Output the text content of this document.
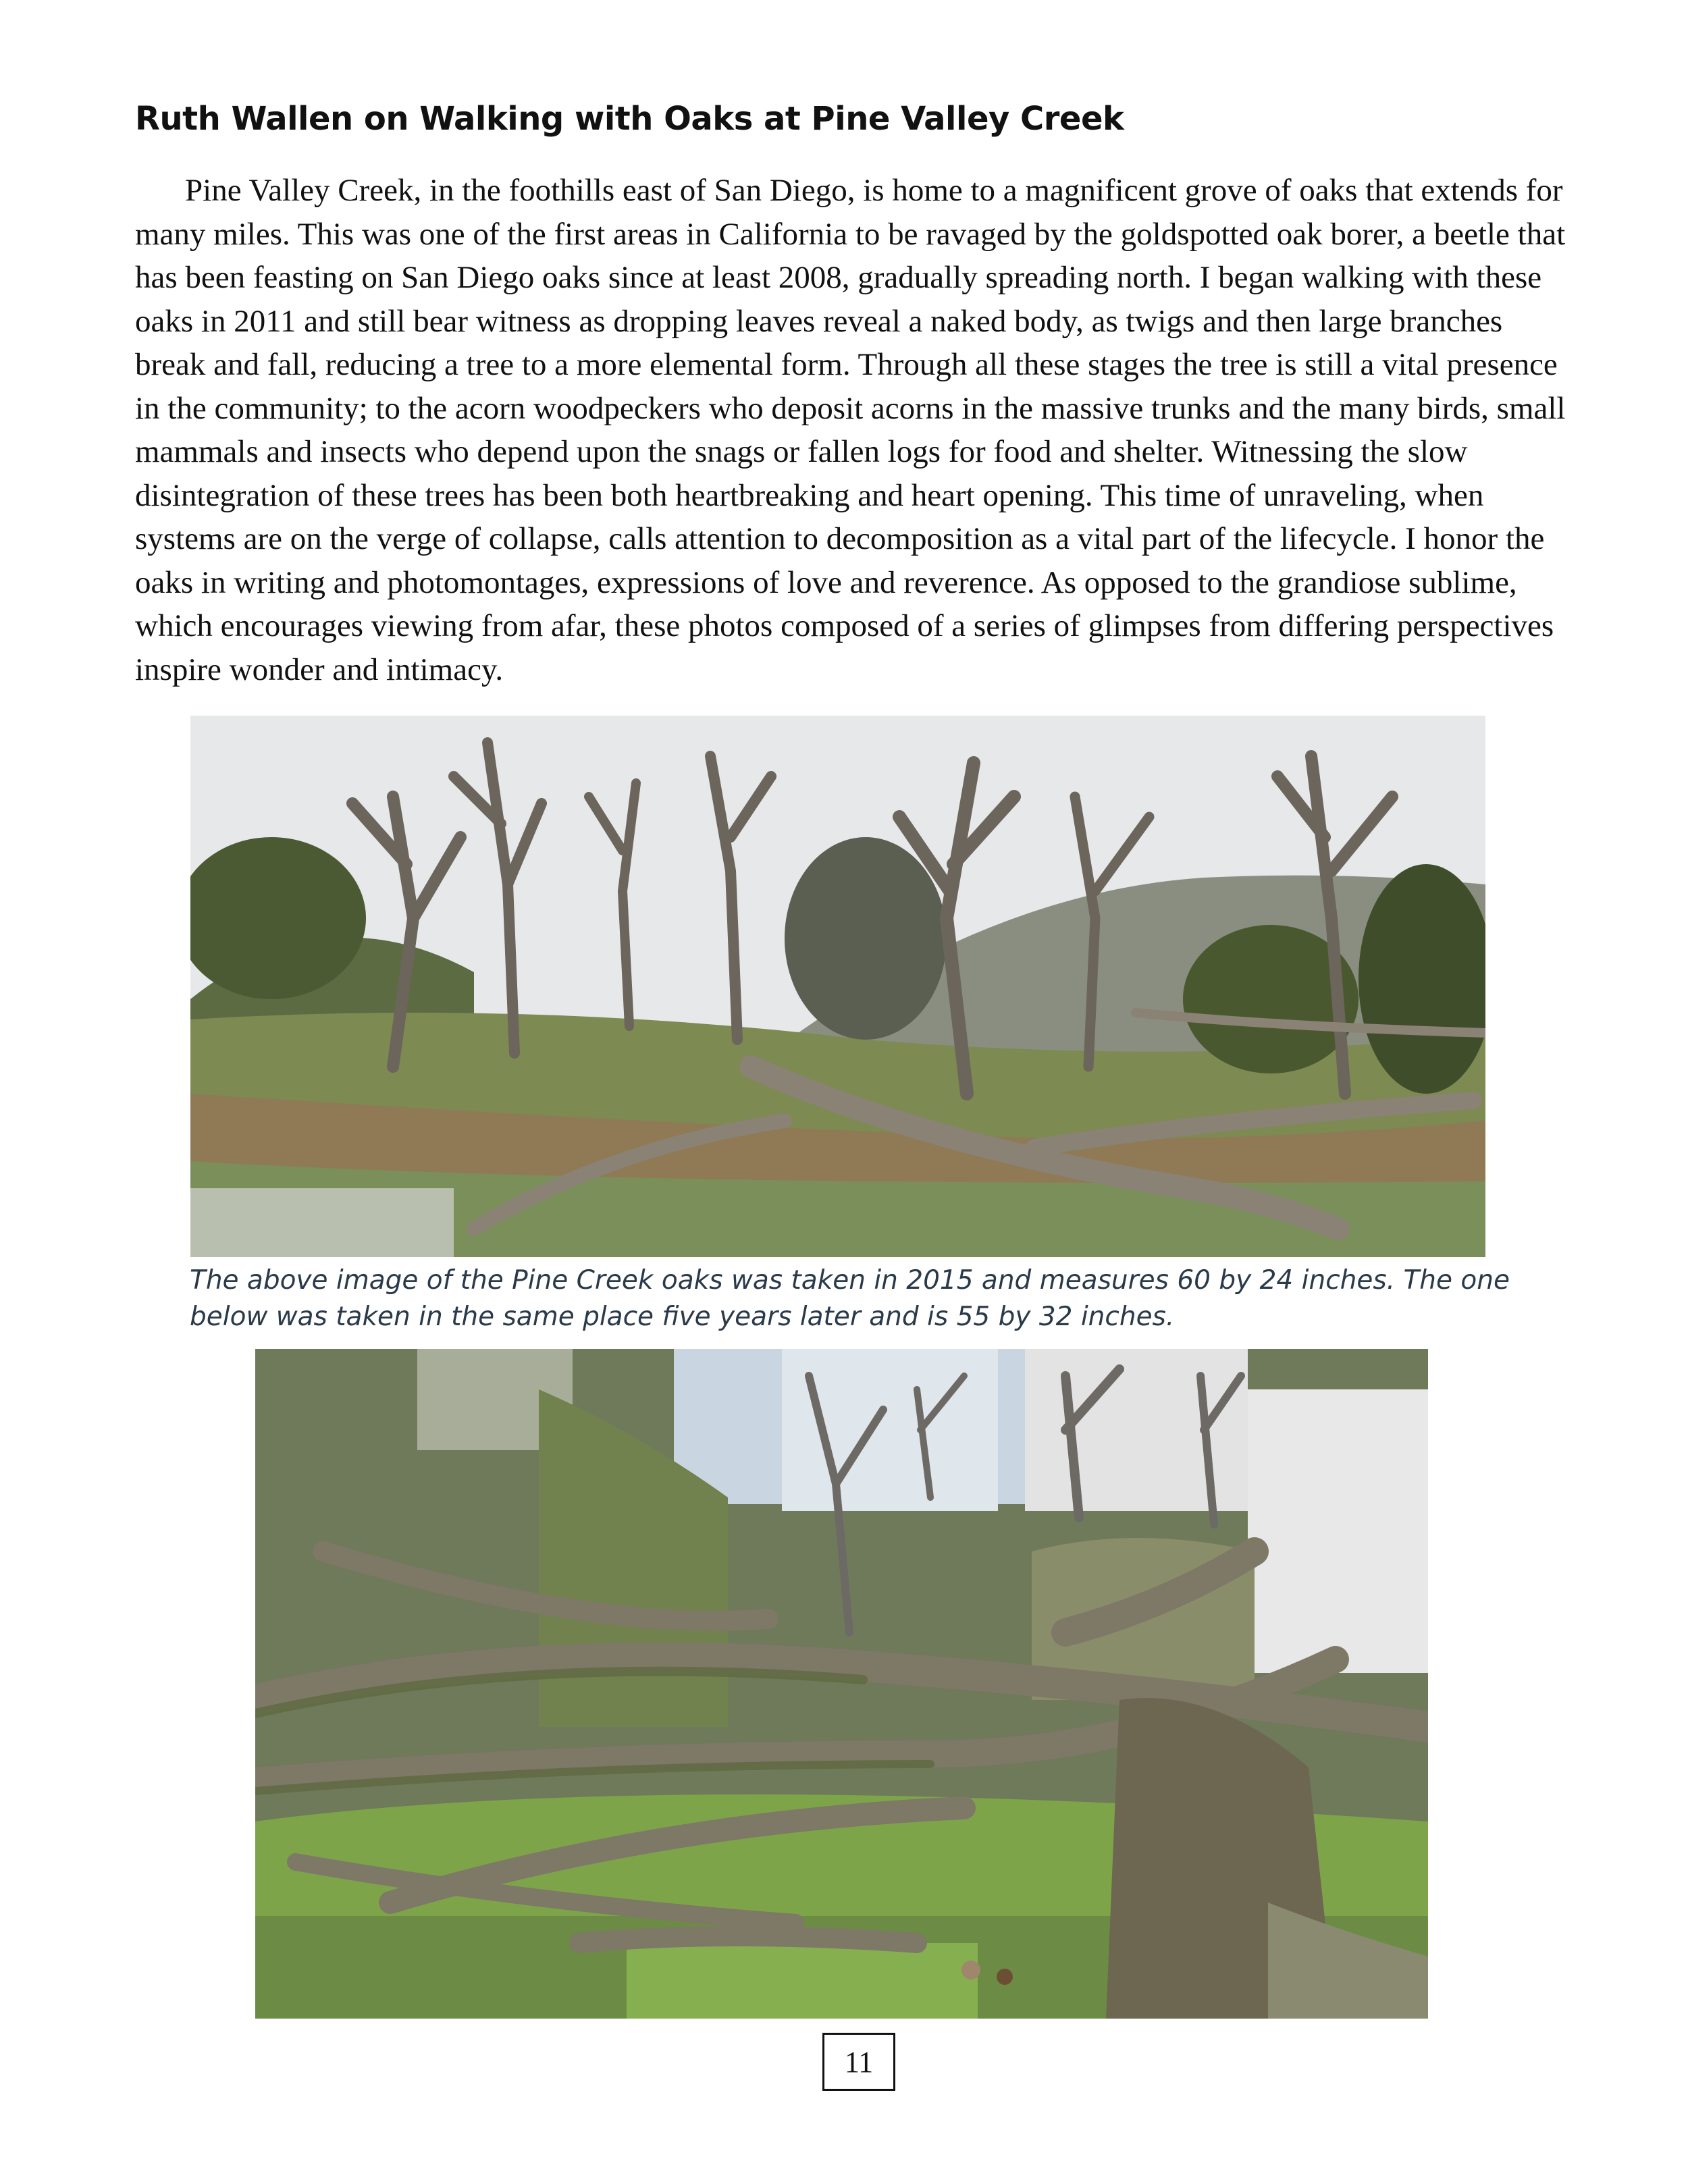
Ruth Wallen on Walking with Oaks at Pine Valley Creek

Pine Valley Creek, in the foothills east of San Diego, is home to a magnificent grove of oaks that extends for many miles. This was one of the first areas in California to be ravaged by the goldspotted oak borer, a beetle that has been feasting on San Diego oaks since at least 2008, gradually spreading north. I began walking with these oaks in 2011 and still bear witness as dropping leaves reveal a naked body, as twigs and then large branches break and fall, reducing a tree to a more elemental form. Through all these stages the tree is still a vital presence in the community; to the acorn woodpeckers who deposit acorns in the massive trunks and the many birds, small mammals and insects who depend upon the snags or fallen logs for food and shelter. Witnessing the slow disintegration of these trees has been both heartbreaking and heart opening. This time of unraveling, when systems are on the verge of collapse, calls attention to decomposition as a vital part of the lifecycle. I honor the oaks in writing and photomontages, expressions of love and reverence. As opposed to the grandiose sublime, which encourages viewing from afar, these photos composed of a series of glimpses from differing perspectives inspire wonder and intimacy.

The above image of the Pine Creek oaks was taken in 2015 and measures 60 by 24 inches. The one below was taken in the same place five years later and is 55 by 32 inches.

11
